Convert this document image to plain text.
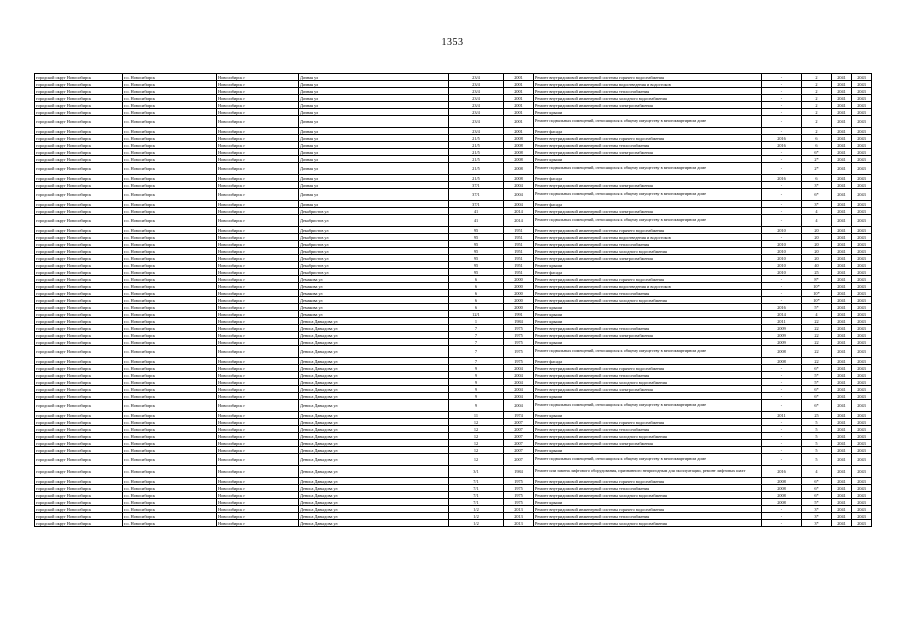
1353
городской округ Новосибирск	г.о. Новосибирск	Новосибирск г	Дачная ул	23/4	2001	Ремонт внутридомовой инженерной системы горячего водоснабжения	-	2	2041	2043
городской округ Новосибирск	г.о. Новосибирск	Новосибирск г	Дачная ул	23/4	2001	Ремонт внутридомовой инженерной системы водоотведения и водостоков	-	2	2041	2043
городской округ Новосибирск	г.о. Новосибирск	Новосибирск г	Дачная ул	23/4	2001	Ремонт внутридомовой инженерной системы теплоснабжения	-	2	2041	2043
городской округ Новосибирск	г.о. Новосибирск	Новосибирск г	Дачная ул	23/4	2001	Ремонт внутридомовой инженерной системы холодного водоснабжения	-	2	2041	2043
городской округ Новосибирск	г.о. Новосибирск	Новосибирск г	Дачная ул	23/4	2001	Ремонт внутридомовой инженерной системы электроснабжения	-	2	2041	2043
городской округ Новосибирск	г.о. Новосибирск	Новосибирск г	Дачная ул	23/4	2001	Ремонт крыши	-	2	2041	2043
городской округ Новосибирск	г.о. Новосибирск	Новосибирск г	Дачная ул	23/4	2001	Ремонт подвальных помещений, относящихся к общему имуществу в многоквартирном доме	-	2	2041	2043
городской округ Новосибирск	г.о. Новосибирск	Новосибирск г	Дачная ул	23/4	2001	Ремонт фасада	-	2	2041	2043
городской округ Новосибирск	г.о. Новосибирск	Новосибирск г	Дачная ул	21/5	2008	Ремонт внутридомовой инженерной системы горячего водоснабжения	2016	6	2041	2043
городской округ Новосибирск	г.о. Новосибирск	Новосибирск г	Дачная ул	21/5	2008	Ремонт внутридомовой инженерной системы теплоснабжения	2016	6	2041	2043
городской округ Новосибирск	г.о. Новосибирск	Новосибирск г	Дачная ул	21/5	2008	Ремонт внутридомовой инженерной системы электроснабжения	-	6*	2041	2043
городской округ Новосибирск	г.о. Новосибирск	Новосибирск г	Дачная ул	21/5	2008	Ремонт крыши	-	2*	2041	2043
городской округ Новосибирск	г.о. Новосибирск	Новосибирск г	Дачная ул	21/5	2008	Ремонт подвальных помещений, относящихся к общему имуществу в многоквартирном доме	-	2*	2041	2043
городской округ Новосибирск	г.о. Новосибирск	Новосибирск г	Дачная ул	21/5	2008	Ремонт фасада	2016	6	2041	2043
городской округ Новосибирск	г.о. Новосибирск	Новосибирск г	Дачная ул	37/1	2004	Ремонт внутридомовой инженерной системы электроснабжения	-	3*	2041	2043
городской округ Новосибирск	г.о. Новосибирск	Новосибирск г	Дачная ул	37/1	2004	Ремонт подвальных помещений, относящихся к общему имуществу в многоквартирном доме	-	6*	2041	2043
городской округ Новосибирск	г.о. Новосибирск	Новосибирск г	Дачная ул	37/1	2004	Ремонт фасада	-	3*	2041	2043
городской округ Новосибирск	г.о. Новосибирск	Новосибирск г	Декабристов ул	41	2014	Ремонт внутридомовой инженерной системы электроснабжения	-	4	2041	2043
городской округ Новосибирск	г.о. Новосибирск	Новосибирск г	Декабристов ул	41	2014	Ремонт подвальных помещений, относящихся к общему имуществу в многоквартирном доме	-	4	2041	2043
городской округ Новосибирск	г.о. Новосибирск	Новосибирск г	Декабристов ул	95	1951	Ремонт внутридомовой инженерной системы горячего водоснабжения	2010	20	2041	2043
городской округ Новосибирск	г.о. Новосибирск	Новосибирск г	Декабристов ул	95	1951	Ремонт внутридомовой инженерной системы водоотведения и водостоков	-	20	2041	2043
городской округ Новосибирск	г.о. Новосибирск	Новосибирск г	Декабристов ул	95	1951	Ремонт внутридомовой инженерной системы теплоснабжения	2010	20	2041	2043
городской округ Новосибирск	г.о. Новосибирск	Новосибирск г	Декабристов ул	95	1951	Ремонт внутридомовой инженерной системы холодного водоснабжения	2010	20	2041	2043
городской округ Новосибирск	г.о. Новосибирск	Новосибирск г	Декабристов ул	95	1951	Ремонт внутридомовой инженерной системы электроснабжения	2010	20	2041	2043
городской округ Новосибирск	г.о. Новосибирск	Новосибирск г	Декабристов ул	95	1951	Ремонт крыши	2010	40	2041	2043
городской округ Новосибирск	г.о. Новосибирск	Новосибирск г	Декабристов ул	95	1951	Ремонт фасада	2010	25	2041	2043
городской округ Новосибирск	г.о. Новосибирск	Новосибирск г	Демакова ул	6	2000	Ремонт внутридомовой инженерной системы горячего водоснабжения	-	8*	2041	2043
городской округ Новосибирск	г.о. Новосибирск	Новосибирск г	Демакова ул	6	2000	Ремонт внутридомовой инженерной системы водоотведения и водостоков	-	10*	2041	2043
городской округ Новосибирск	г.о. Новосибирск	Новосибирск г	Демакова ул	6	2000	Ремонт внутридомовой инженерной системы теплоснабжения	-	10*	2041	2043
городской округ Новосибирск	г.о. Новосибирск	Новосибирск г	Демакова ул	6	2000	Ремонт внутридомовой инженерной системы холодного водоснабжения	-	10*	2041	2043
городской округ Новосибирск	г.о. Новосибирск	Новосибирск г	Демакова ул	6	2000	Ремонт крыши	2016	5*	2041	2043
городской округ Новосибирск	г.о. Новосибирск	Новосибирск г	Демакова ул	12/1	1991	Ремонт крыши	2014	4	2041	2043
городской округ Новосибирск	г.о. Новосибирск	Новосибирск г	Дениса Давыдова ул	1	1984	Ремонт крыши	2011	22	2041	2043
городской округ Новосибирск	г.о. Новосибирск	Новосибирск г	Дениса Давыдова ул	7	1975	Ремонт внутридомовой инженерной системы теплоснабжения	2009	22	2041	2043
городской округ Новосибирск	г.о. Новосибирск	Новосибирск г	Дениса Давыдова ул	7	1975	Ремонт внутридомовой инженерной системы электроснабжения	2009	22	2041	2043
городской округ Новосибирск	г.о. Новосибирск	Новосибирск г	Дениса Давыдова ул	7	1975	Ремонт крыши	2009	22	2041	2043
городской округ Новосибирск	г.о. Новосибирск	Новосибирск г	Дениса Давыдова ул	7	1975	Ремонт подвальных помещений, относящихся к общему имуществу в многоквартирном доме	2008	22	2041	2043
городской округ Новосибирск	г.о. Новосибирск	Новосибирск г	Дениса Давыдова ул	7	1975	Ремонт фасада	2008	22	2041	2043
городской округ Новосибирск	г.о. Новосибирск	Новосибирск г	Дениса Давыдова ул	9	2004	Ремонт внутридомовой инженерной системы горячего водоснабжения	-	6*	2041	2043
городской округ Новосибирск	г.о. Новосибирск	Новосибирск г	Дениса Давыдова ул	9	2004	Ремонт внутридомовой инженерной системы теплоснабжения	-	5*	2041	2043
городской округ Новосибирск	г.о. Новосибирск	Новосибирск г	Дениса Давыдова ул	9	2004	Ремонт внутридомовой инженерной системы холодного водоснабжения	-	5*	2041	2043
городской округ Новосибирск	г.о. Новосибирск	Новосибирск г	Дениса Давыдова ул	9	2004	Ремонт внутридомовой инженерной системы электроснабжения	-	6*	2041	2043
городской округ Новосибирск	г.о. Новосибирск	Новосибирск г	Дениса Давыдова ул	9	2004	Ремонт крыши	-	6*	2041	2043
городской округ Новосибирск	г.о. Новосибирск	Новосибирск г	Дениса Давыдова ул	9	2004	Ремонт подвальных помещений, относящихся к общему имуществу в многоквартирном доме	-	6*	2041	2043
городской округ Новосибирск	г.о. Новосибирск	Новосибирск г	Дениса Давыдова ул	11	1974	Ремонт крыши	2011	25	2041	2043
городской округ Новосибирск	г.о. Новосибирск	Новосибирск г	Дениса Давыдова ул	12	2007	Ремонт внутридомовой инженерной системы горячего водоснабжения	-	5	2041	2043
городской округ Новосибирск	г.о. Новосибирск	Новосибирск г	Дениса Давыдова ул	12	2007	Ремонт внутридомовой инженерной системы теплоснабжения	-	5	2041	2043
городской округ Новосибирск	г.о. Новосибирск	Новосибирск г	Дениса Давыдова ул	12	2007	Ремонт внутридомовой инженерной системы холодного водоснабжения	-	5	2041	2043
городской округ Новосибирск	г.о. Новосибирск	Новосибирск г	Дениса Давыдова ул	12	2007	Ремонт внутридомовой инженерной системы электроснабжения	-	5	2041	2043
городской округ Новосибирск	г.о. Новосибирск	Новосибирск г	Дениса Давыдова ул	12	2007	Ремонт крыши	-	5	2041	2043
городской округ Новосибирск	г.о. Новосибирск	Новосибирск г	Дениса Давыдова ул	12	2007	Ремонт подвальных помещений, относящихся к общему имуществу в многоквартирном доме	-	5	2041	2043
городской округ Новосибирск	г.о. Новосибирск	Новосибирск г	Дениса Давыдова ул	3/1	1984	Ремонт или замена лифтового оборудования, признанного непригодным для эксплуатации, ремонт лифтовых шахт	2016	4	2041	2043
городской округ Новосибирск	г.о. Новосибирск	Новосибирск г	Дениса Давыдова ул	7/1	1975	Ремонт внутридомовой инженерной системы горячего водоснабжения	2008	6*	2041	2043
городской округ Новосибирск	г.о. Новосибирск	Новосибирск г	Дениса Давыдова ул	7/1	1975	Ремонт внутридомовой инженерной системы теплоснабжения	2008	6*	2041	2043
городской округ Новосибирск	г.о. Новосибирск	Новосибирск г	Дениса Давыдова ул	7/1	1975	Ремонт внутридомовой инженерной системы холодного водоснабжения	2008	6*	2041	2043
городской округ Новосибирск	г.о. Новосибирск	Новосибирск г	Дениса Давыдова ул	7/1	1975	Ремонт крыши	2008	5*	2041	2043
городской округ Новосибирск	г.о. Новосибирск	Новосибирск г	Дениса Давыдова ул	1/2	2013	Ремонт внутридомовой инженерной системы горячего водоснабжения	-	3*	2041	2043
городской округ Новосибирск	г.о. Новосибирск	Новосибирск г	Дениса Давыдова ул	1/2	2013	Ремонт внутридомовой инженерной системы теплоснабжения	-	3*	2041	2043
городской округ Новосибирск	г.о. Новосибирск	Новосибирск г	Дениса Давыдова ул	1/2	2013	Ремонт внутридомовой инженерной системы холодного водоснабжения	-	3*	2041	2043
